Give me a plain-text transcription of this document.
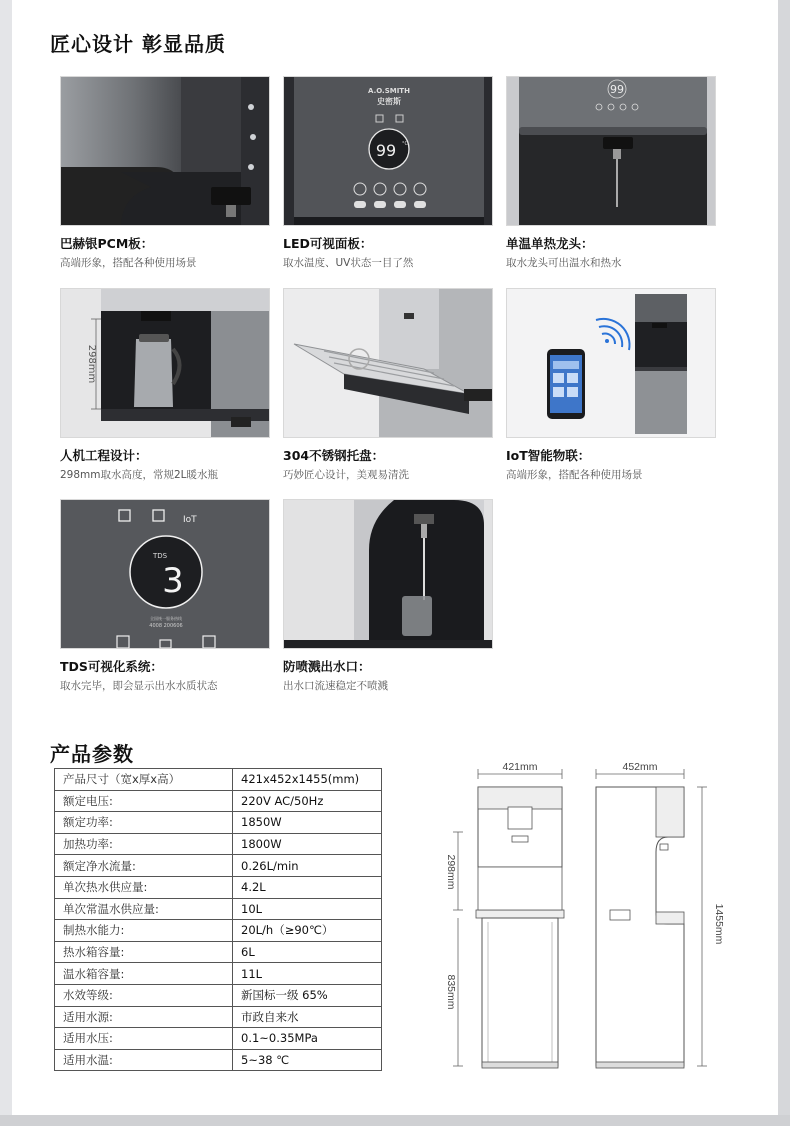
匠心设计 彰显品质
巴赫银PCM板：
高端形象，搭配各种使用场景
A.O.SMITH
史密斯
99 °C
LED可视面板：
取水温度、UV状态一目了然
99
单温单热龙头：
取水龙头可出温水和热水
298mm
人机工程设计：
298mm取水高度，常规2L暖水瓶
304不锈钢托盘：
巧妙匠心设计，美观易清洗
IoT智能物联：
高端形象，搭配各种使用场景
IoT
TDS
3
全国统一服务热线
4008 200606
TDS可视化系统：
取水完毕，即会显示出水水质状态
防喷溅出水口：
出水口流速稳定不喷溅
产品参数
产品尺寸（宽x厚x高）	421x452x1455(mm)
额定电压:	220V AC/50Hz
额定功率:	1850W
加热功率:	1800W
额定净水流量:	0.26L/min
单次热水供应量:	4.2L
单次常温水供应量:	10L
制热水能力:	20L/h（≥90℃）
热水箱容量:	6L
温水箱容量:	11L
水效等级:	新国标一级 65%
适用水源:	市政自来水
适用水压:	0.1~0.35MPa
适用水温:	5~38 ℃
421mm
298mm
835mm
452mm
1455mm
